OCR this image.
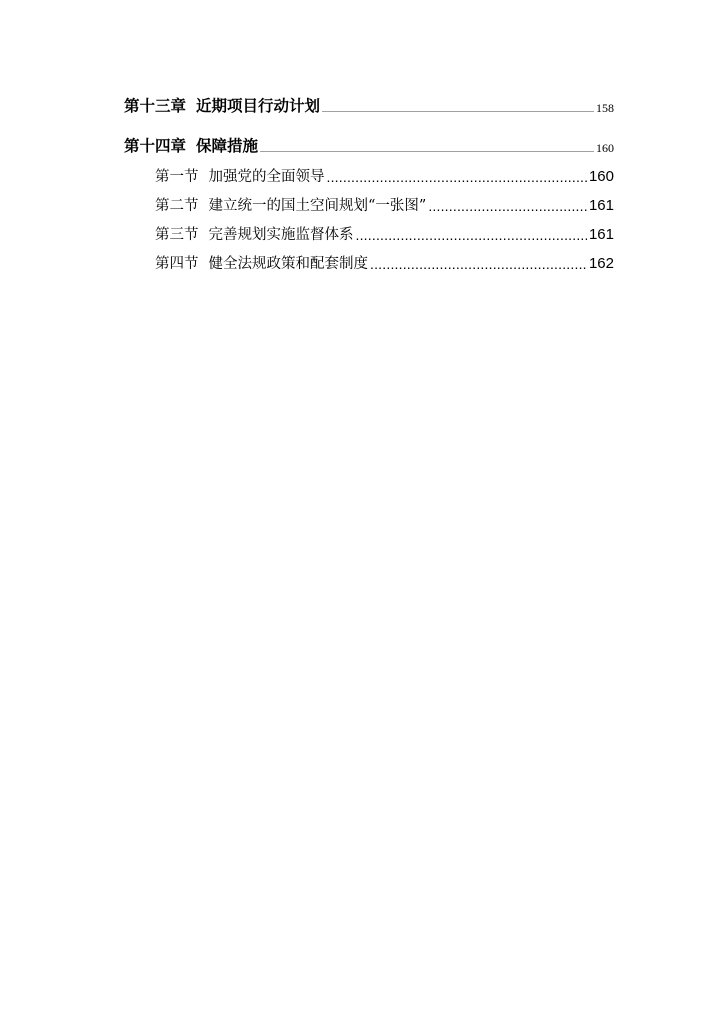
第十三章 近期项目行动计划 .....	158
第十四章 保障措施 .....	160
第一节 加强党的全面领导 .....	160
第二节 建立统一的国土空间规划“一张图” .....	161
第三节 完善规划实施监督体系 .....	161
第四节 健全法规政策和配套制度 .....	162
